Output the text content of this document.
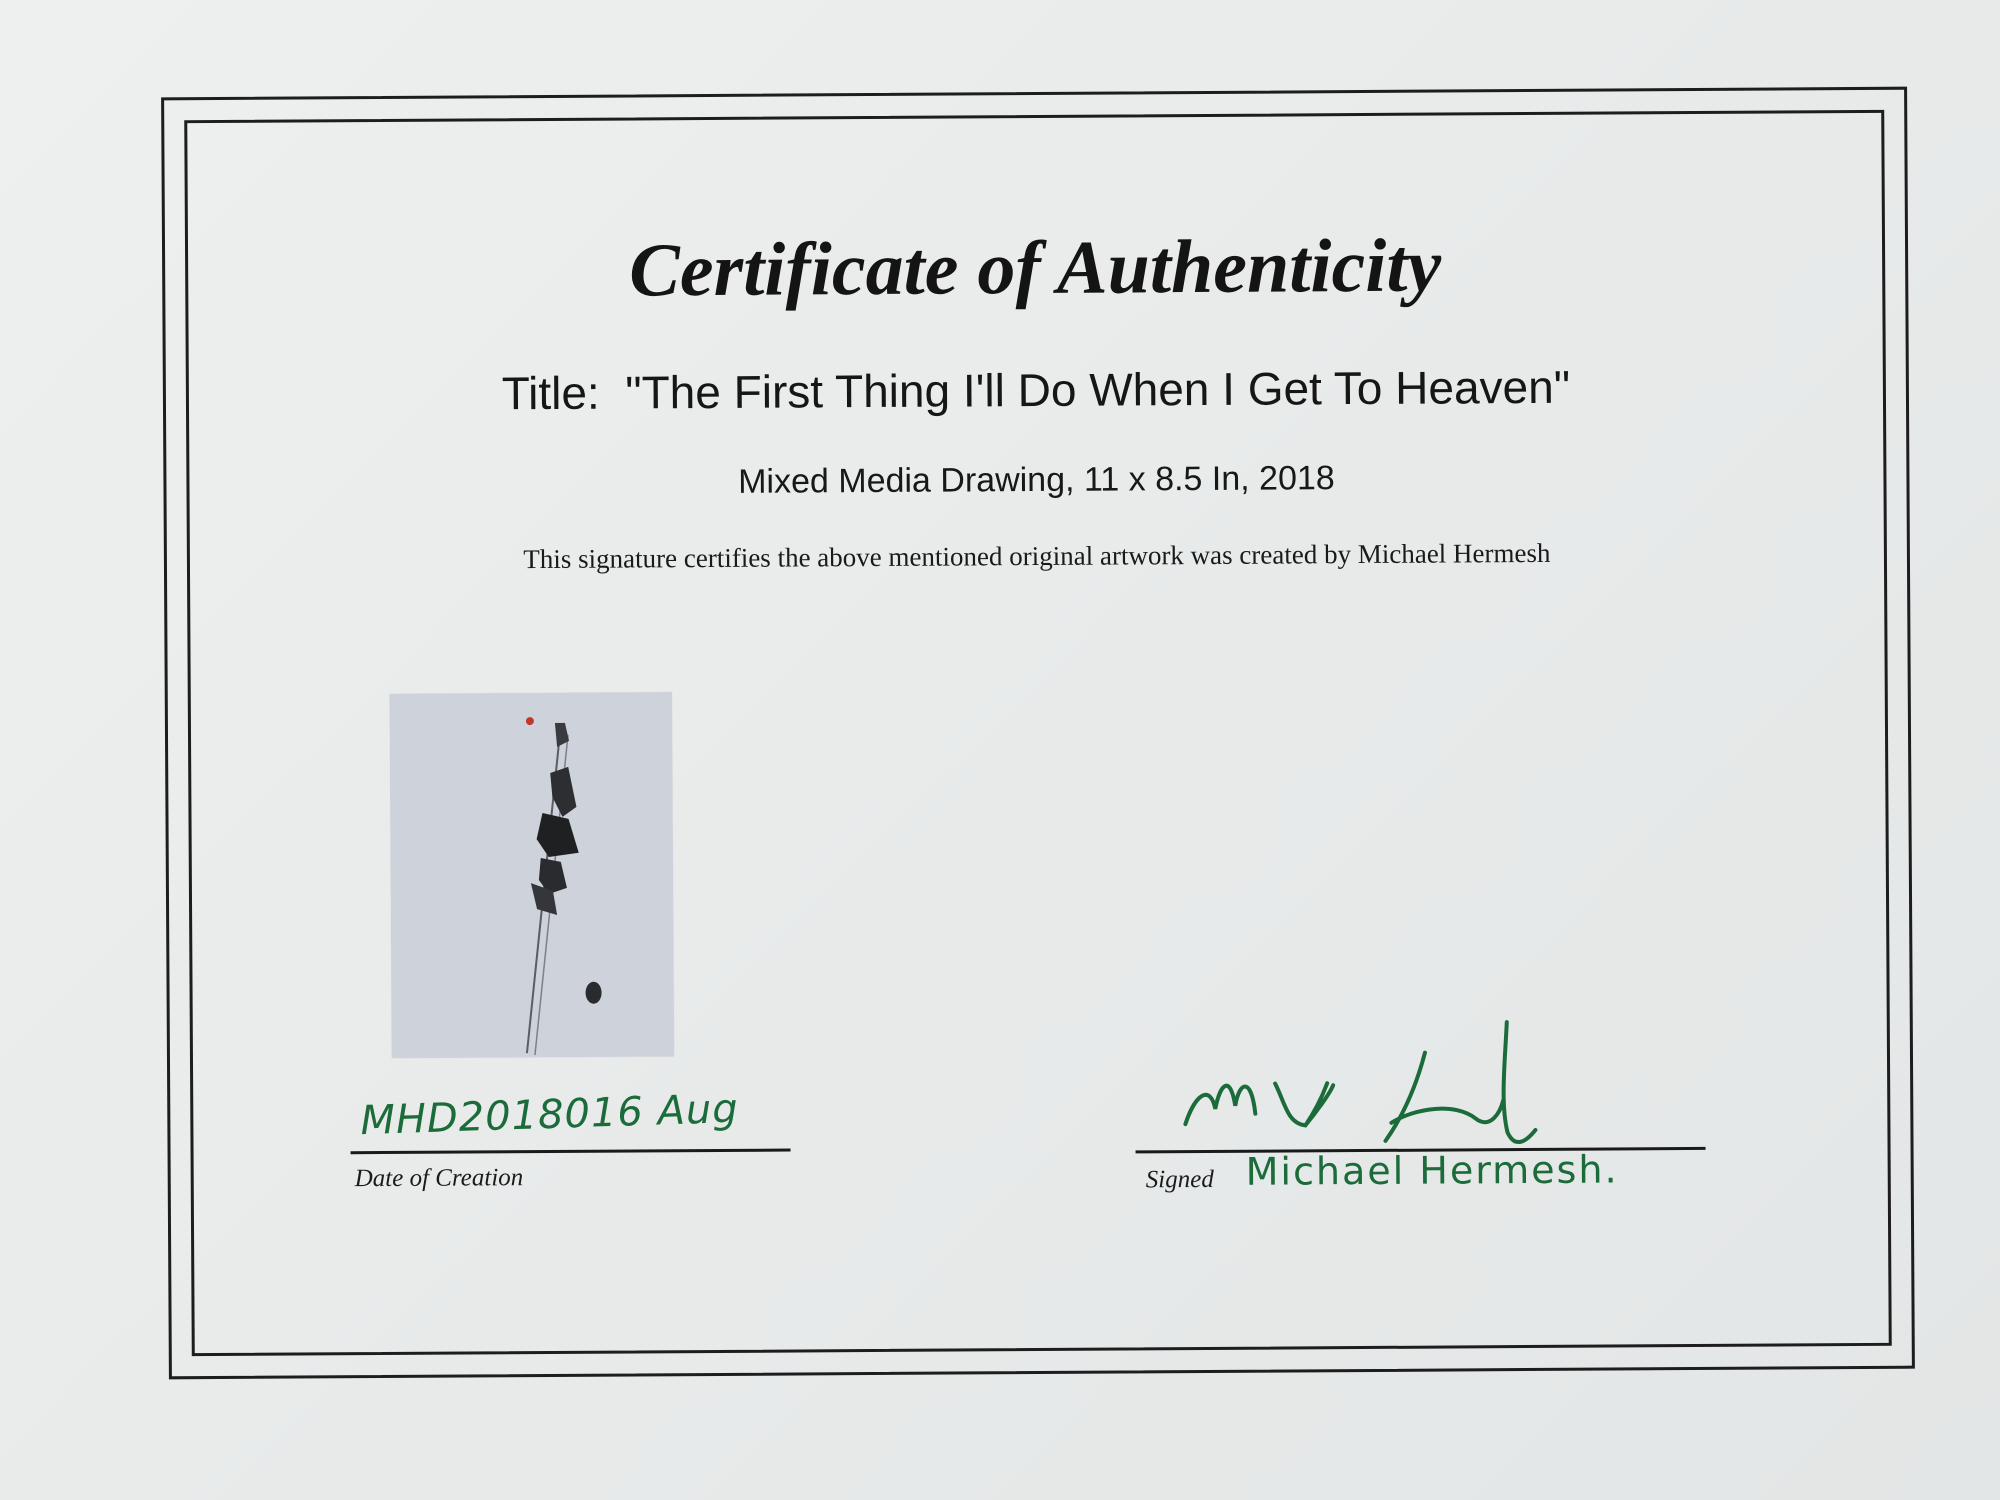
Certificate of Authenticity
Title:  "The First Thing I'll Do When I Get To Heaven"
Mixed Media Drawing, 11 x 8.5 In, 2018
This signature certifies the above mentioned original artwork was created by Michael Hermesh
MHD2018016 Aug
Date of Creation	Signed Michael Hermesh.
